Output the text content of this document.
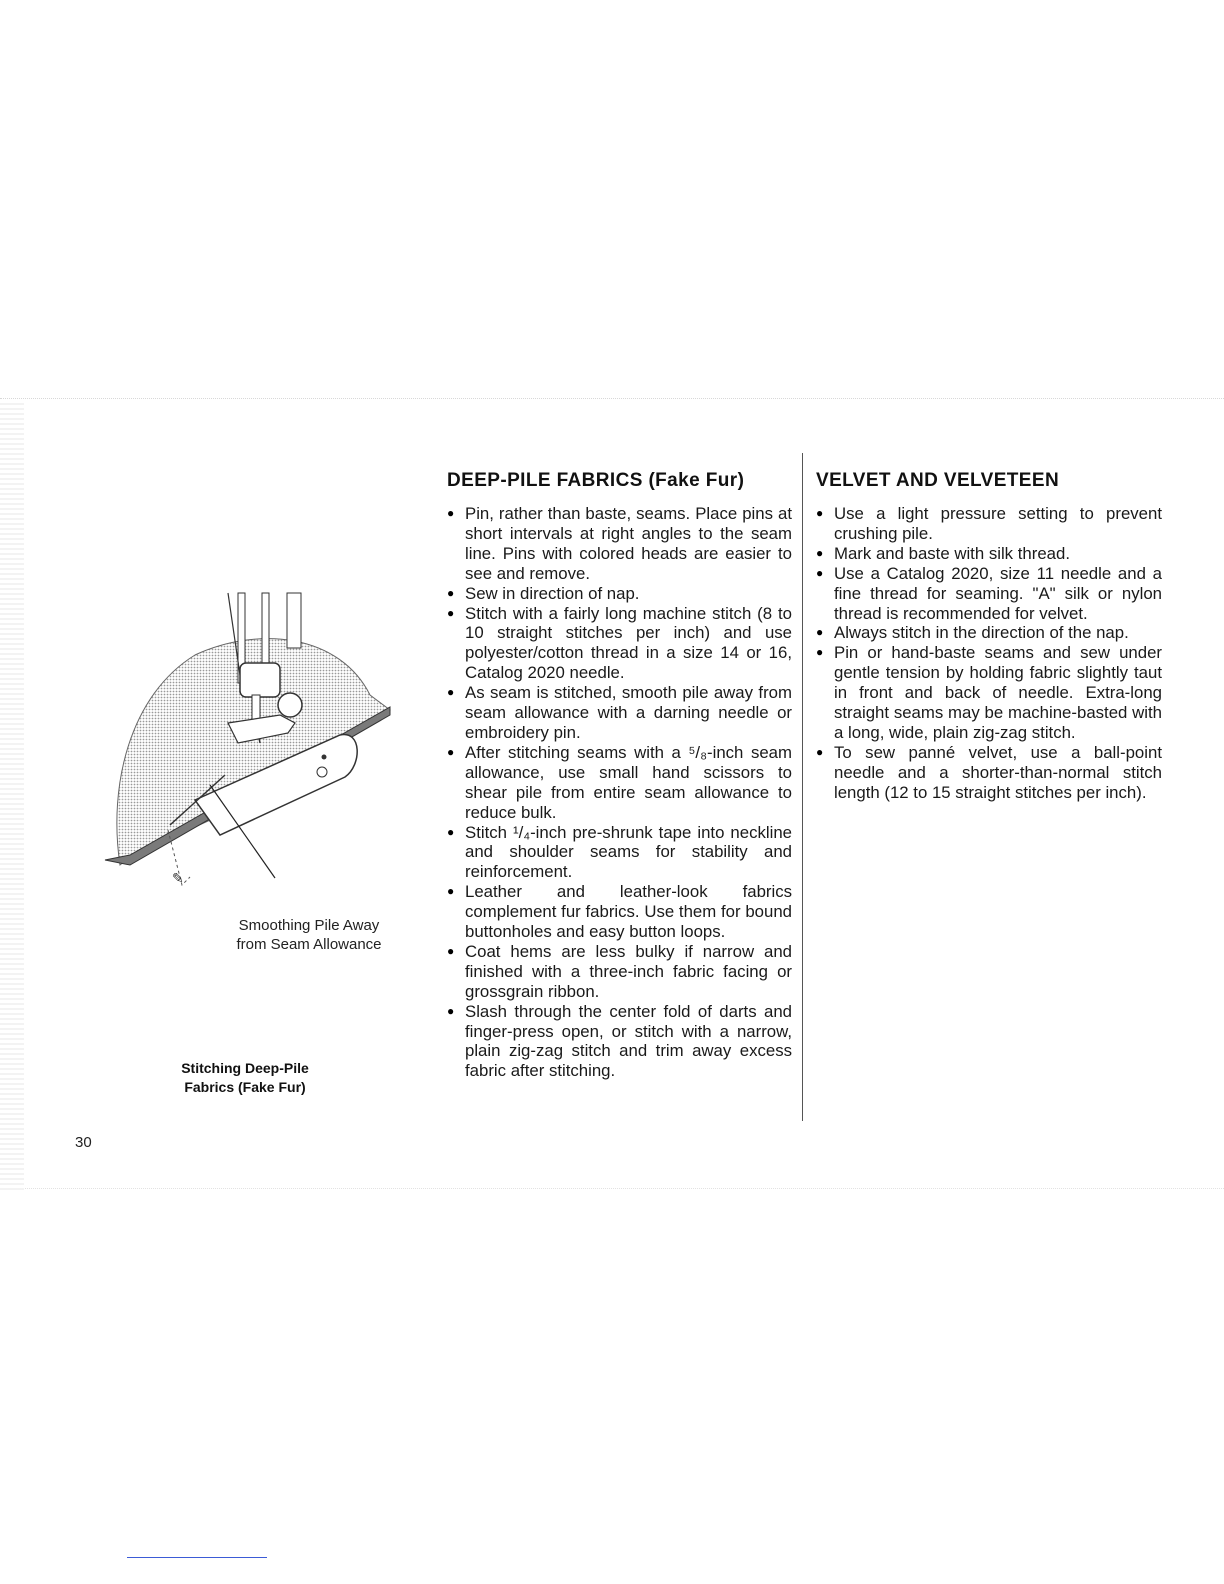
✎
Smoothing Pile Away
from Seam Allowance
Stitching Deep-Pile
Fabrics (Fake Fur)
30
DEEP-PILE FABRICS (Fake Fur)
● Pin, rather than baste, seams. Place pins at short intervals at right angles to the seam line. Pins with colored heads are easier to see and remove.
● Sew in direction of nap.
● Stitch with a fairly long machine stitch (8 to 10 straight stitches per inch) and use polyester/cotton thread in a size 14 or 16, Catalog 2020 needle.
● As seam is stitched, smooth pile away from seam allowance with a darning needle or embroidery pin.
● After stitching seams with a ⁵/₈-inch seam allowance, use small hand scissors to shear pile from entire seam allowance to reduce bulk.
● Stitch ¹/₄-inch pre-shrunk tape into neckline and shoulder seams for stability and reinforcement.
● Leather and leather-look fabrics complement fur fabrics. Use them for bound buttonholes and easy button loops.
● Coat hems are less bulky if narrow and finished with a three-inch fabric facing or grossgrain ribbon.
● Slash through the center fold of darts and finger-press open, or stitch with a narrow, plain zig-zag stitch and trim away excess fabric after stitching.
VELVET AND VELVETEEN
● Use a light pressure setting to prevent crushing pile.
● Mark and baste with silk thread.
● Use a Catalog 2020, size 11 needle and a fine thread for seaming. "A" silk or nylon thread is recommended for velvet.
● Always stitch in the direction of the nap.
● Pin or hand-baste seams and sew under gentle tension by holding fabric slightly taut in front and back of needle. Extra-long straight seams may be machine-basted with a long, wide, plain zig-zag stitch.
● To sew panné velvet, use a ball-point needle and a shorter-than-normal stitch length (12 to 15 straight stitches per inch).
